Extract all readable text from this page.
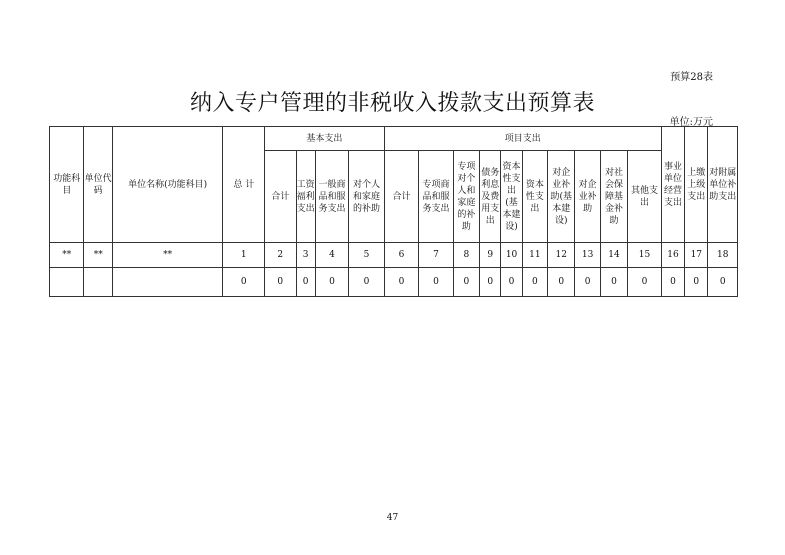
预算28表
纳入专户管理的非税收入拨款支出预算表
单位:万元
功能科目	单位代码	单位名称(功能科目)	总 计	基本支出				项目支出										事业单位经营支出	上缴上级支出	对附属单位补助支出
				合计	工资福利支出	一般商品和服务支出	对个人和家庭的补助	合计	专项商品和服务支出	专项对个人和家庭的补助	债务利息及费用支出	资本性支出(基本建设)	资本性支出	对企业补助(基本建设)	对企业补助	对社会保障基金补助	其他支出			
**	**	**	1	2	3	4	5	6	7	8	9	10	11	12	13	14	15	16	17	18
			0	0	0	0	0	0	0	0	0	0	0	0	0	0	0	0	0	0
47
